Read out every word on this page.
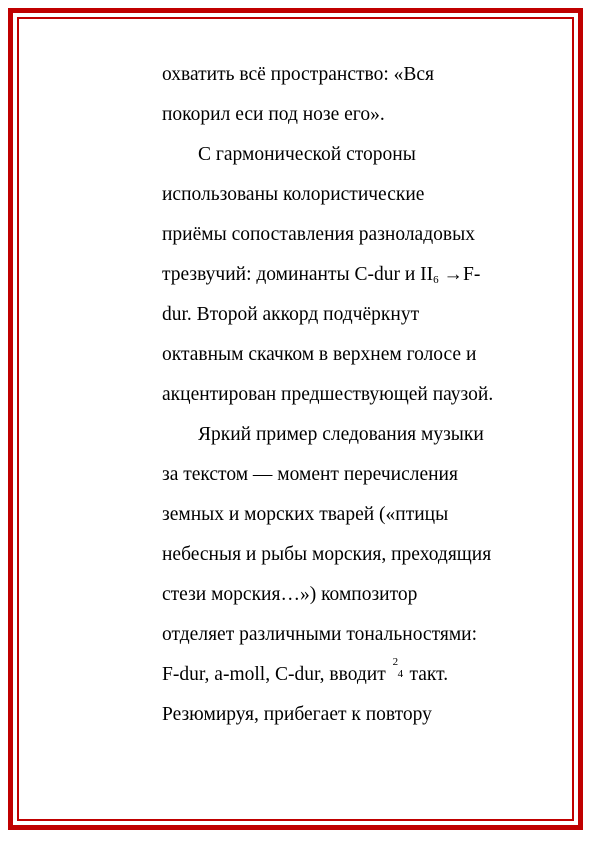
охватить всё пространство: «Вся
покорил еси под нозе его».
С гармонической стороны
использованы колористические
приёмы сопоставления разноладовых
трезвучий: доминанты C-dur и $II_6 \to F-$
dur. Второй аккорд подчёркнут
октавным скачком в верхнем голосе и
акцентирован предшествующей паузой.
Яркий пример следования музыки
за текстом — момент перечисления
земных и морских тварей («птицы
небесныя и рыбы морския, преходящия
стези морския…») композитор
отделяет различными тональностями:
F-dur, a-moll, C-dur, вводит
2
4 такт.
Резюмируя, прибегает к повтору
